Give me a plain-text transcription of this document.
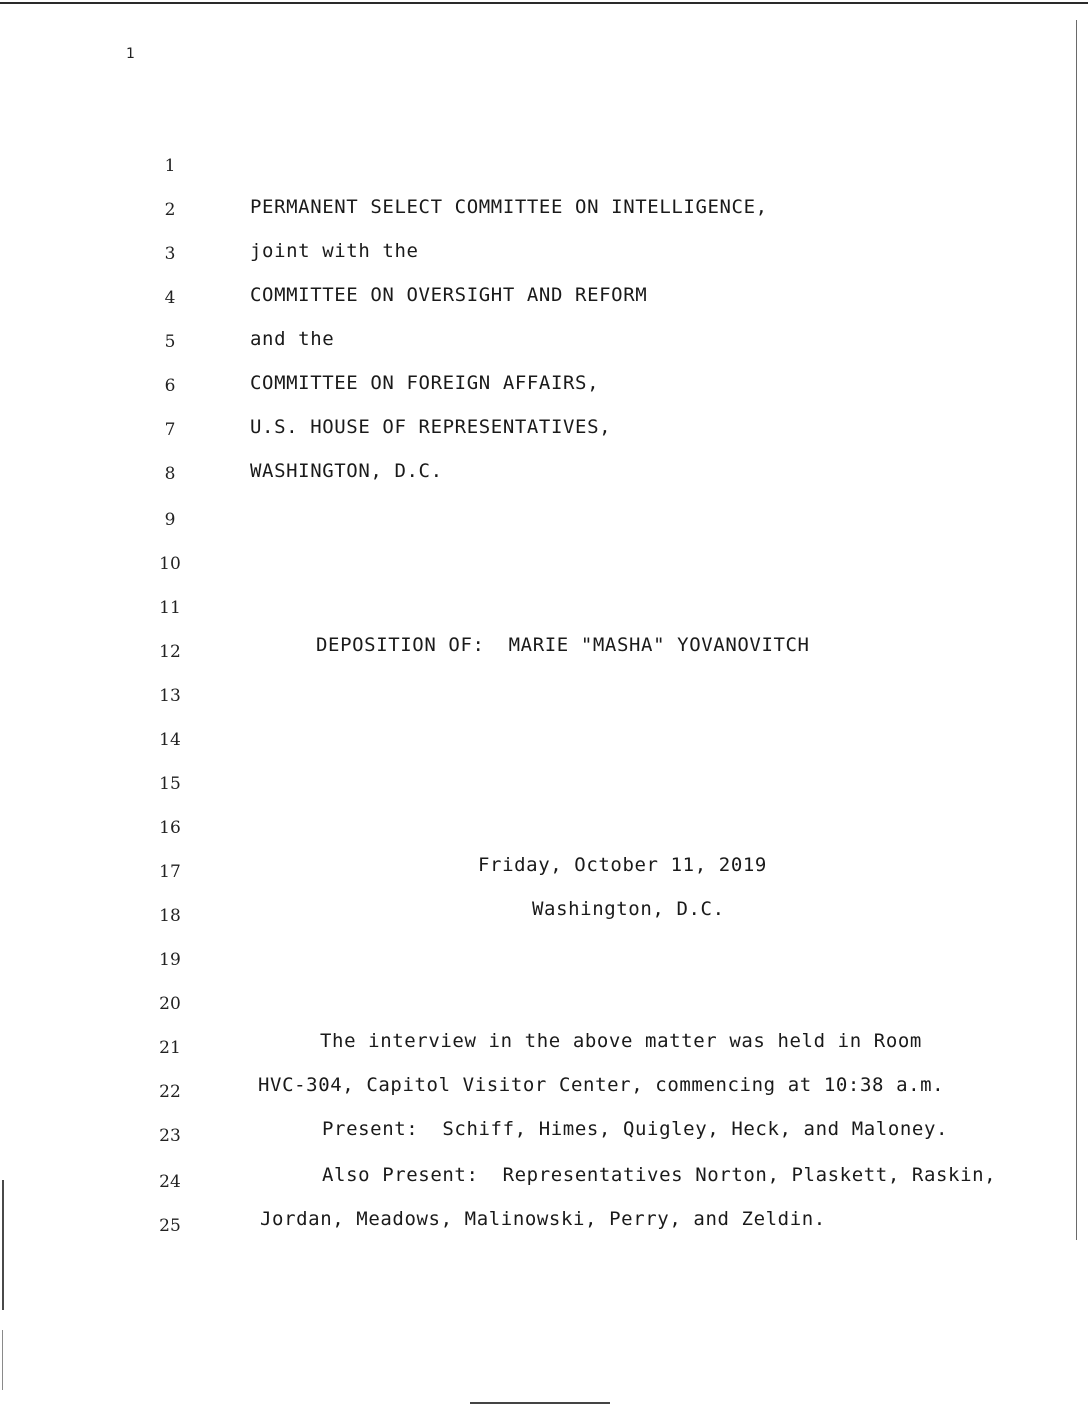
1
1
2	PERMANENT SELECT COMMITTEE ON INTELLIGENCE,
3	joint with the
4	COMMITTEE ON OVERSIGHT AND REFORM
5	and the
6	COMMITTEE ON FOREIGN AFFAIRS,
7	U.S. HOUSE OF REPRESENTATIVES,
8	WASHINGTON, D.C.
9
10
11
12	DEPOSITION OF:  MARIE "MASHA" YOVANOVITCH
13
14
15
16
17	Friday, October 11, 2019
18	Washington, D.C.
19
20
21	The interview in the above matter was held in Room
22	HVC-304, Capitol Visitor Center, commencing at 10:38 a.m.
23	Present:  Schiff, Himes, Quigley, Heck, and Maloney.
24	Also Present:  Representatives Norton, Plaskett, Raskin,
25	Jordan, Meadows, Malinowski, Perry, and Zeldin.
